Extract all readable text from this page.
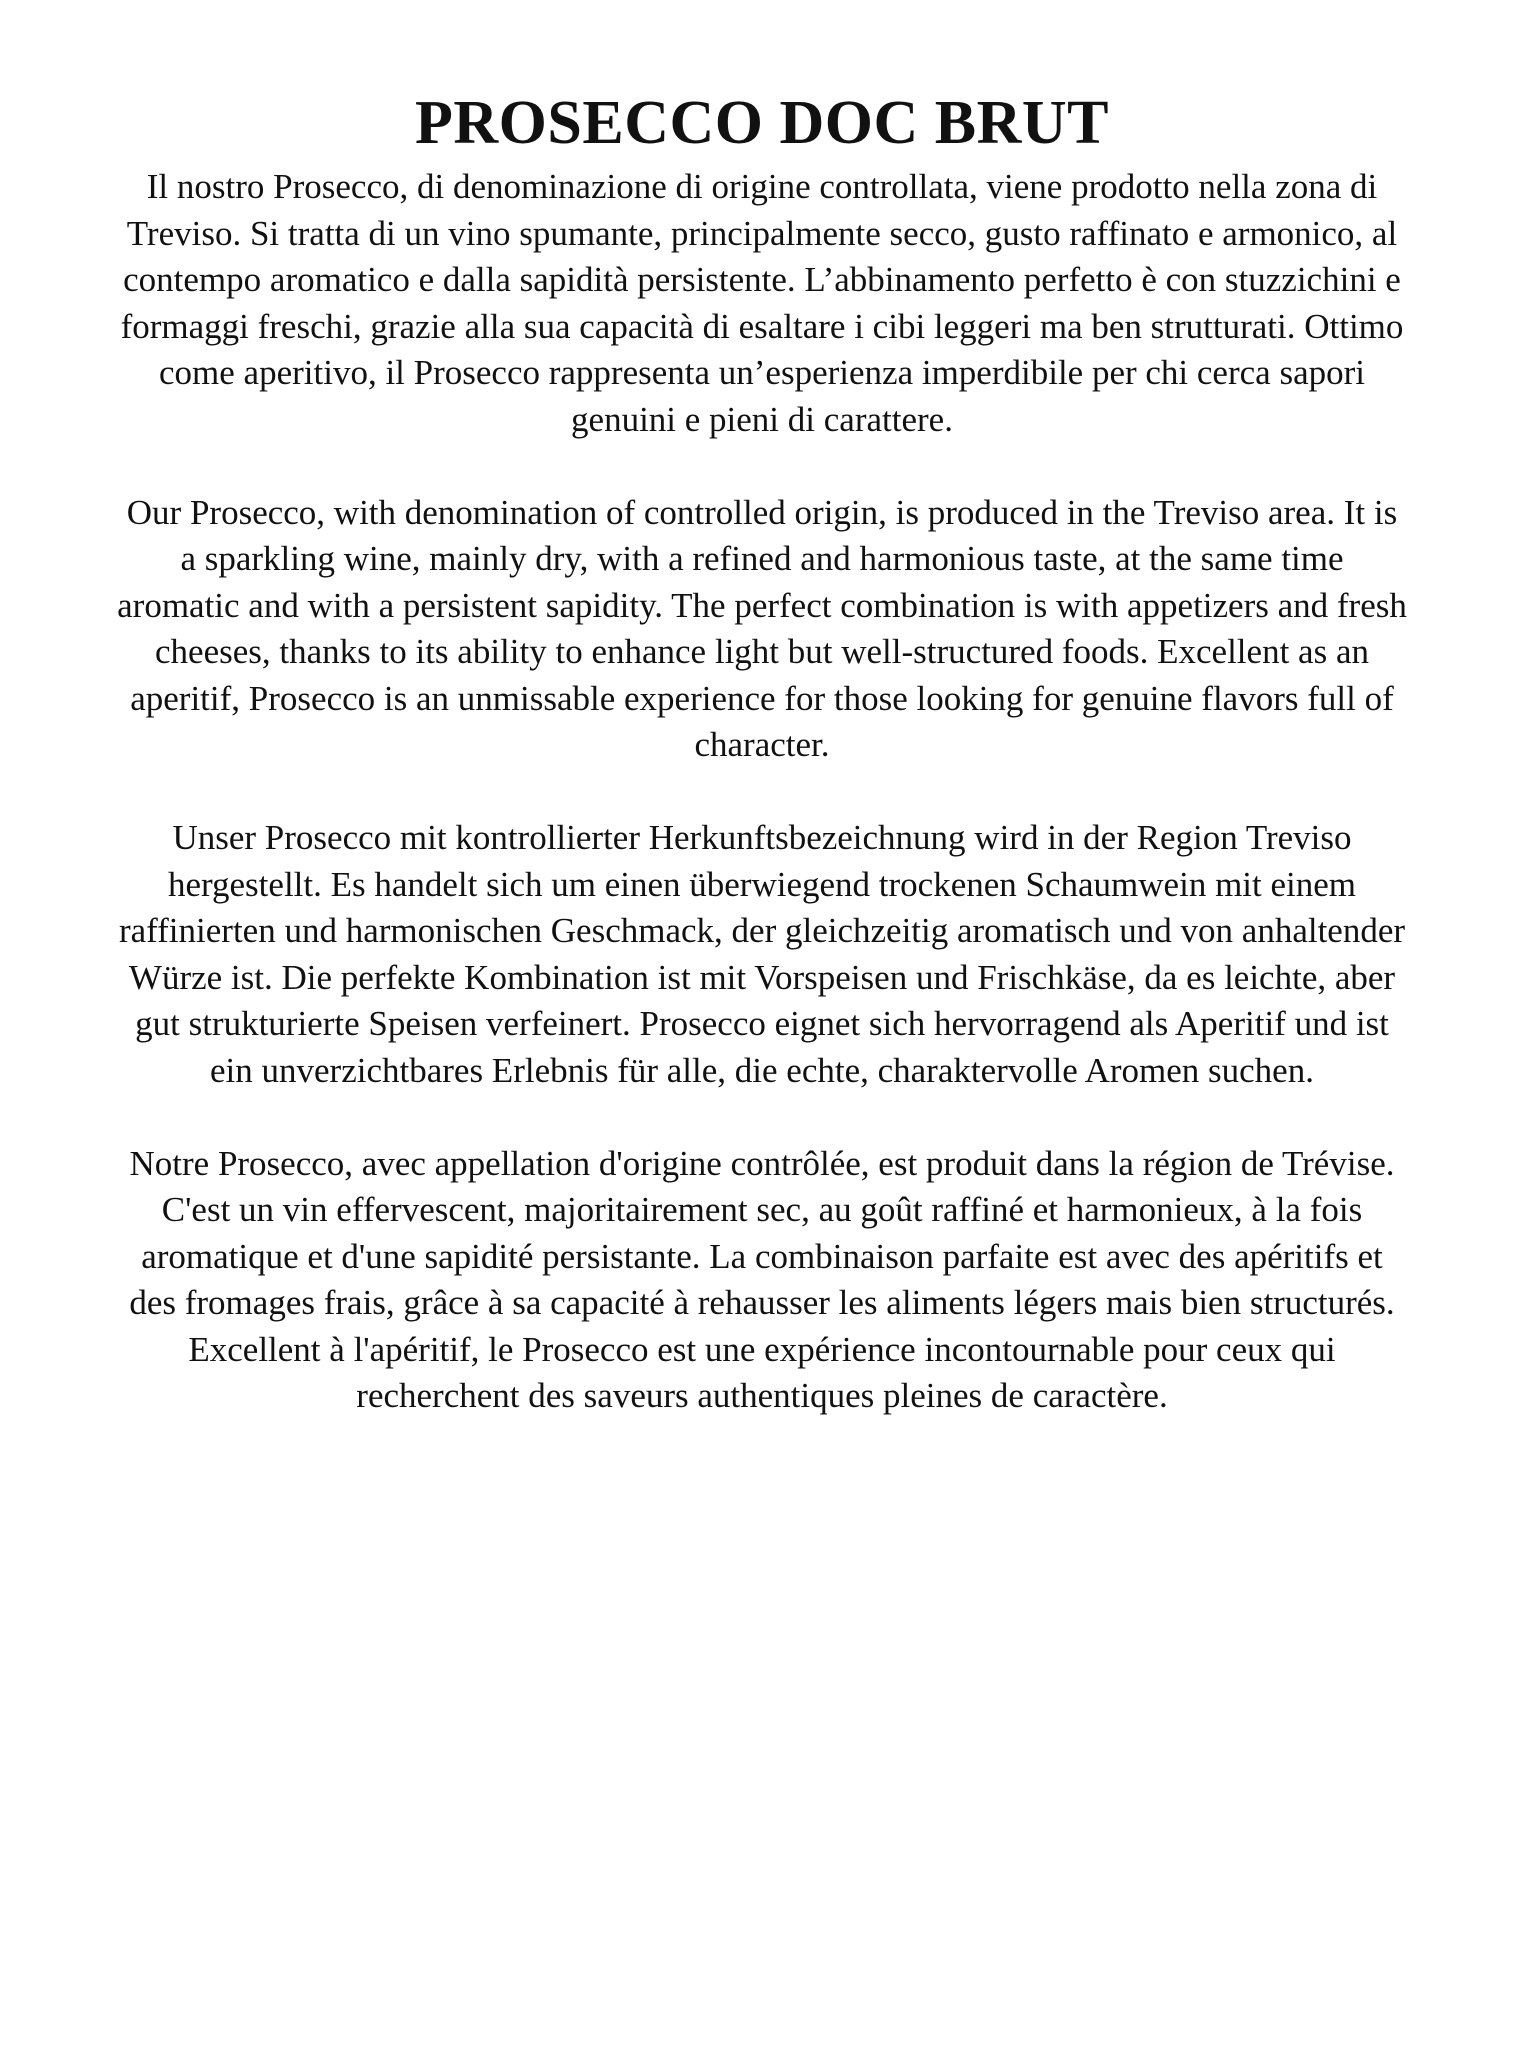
PROSECCO DOC BRUT

Il nostro Prosecco, di denominazione di origine controllata, viene prodotto nella zona di Treviso. Si tratta di un vino spumante, principalmente secco, gusto raffinato e armonico, al contempo aromatico e dalla sapidità persistente. L’abbinamento perfetto è con stuzzichini e formaggi freschi, grazie alla sua capacità di esaltare i cibi leggeri ma ben strutturati. Ottimo come aperitivo, il Prosecco rappresenta un’esperienza imperdibile per chi cerca sapori genuini e pieni di carattere.

Our Prosecco, with denomination of controlled origin, is produced in the Treviso area. It is a sparkling wine, mainly dry, with a refined and harmonious taste, at the same time aromatic and with a persistent sapidity. The perfect combination is with appetizers and fresh cheeses, thanks to its ability to enhance light but well-structured foods. Excellent as an aperitif, Prosecco is an unmissable experience for those looking for genuine flavors full of character.

Unser Prosecco mit kontrollierter Herkunftsbezeichnung wird in der Region Treviso hergestellt. Es handelt sich um einen überwiegend trockenen Schaumwein mit einem raffinierten und harmonischen Geschmack, der gleichzeitig aromatisch und von anhaltender Würze ist. Die perfekte Kombination ist mit Vorspeisen und Frischkäse, da es leichte, aber gut strukturierte Speisen verfeinert. Prosecco eignet sich hervorragend als Aperitif und ist ein unverzichtbares Erlebnis für alle, die echte, charaktervolle Aromen suchen.

Notre Prosecco, avec appellation d'origine contrôlée, est produit dans la région de Trévise. C'est un vin effervescent, majoritairement sec, au goût raffiné et harmonieux, à la fois aromatique et d'une sapidité persistante. La combinaison parfaite est avec des apéritifs et des fromages frais, grâce à sa capacité à rehausser les aliments légers mais bien structurés. Excellent à l'apéritif, le Prosecco est une expérience incontournable pour ceux qui recherchent des saveurs authentiques pleines de caractère.
